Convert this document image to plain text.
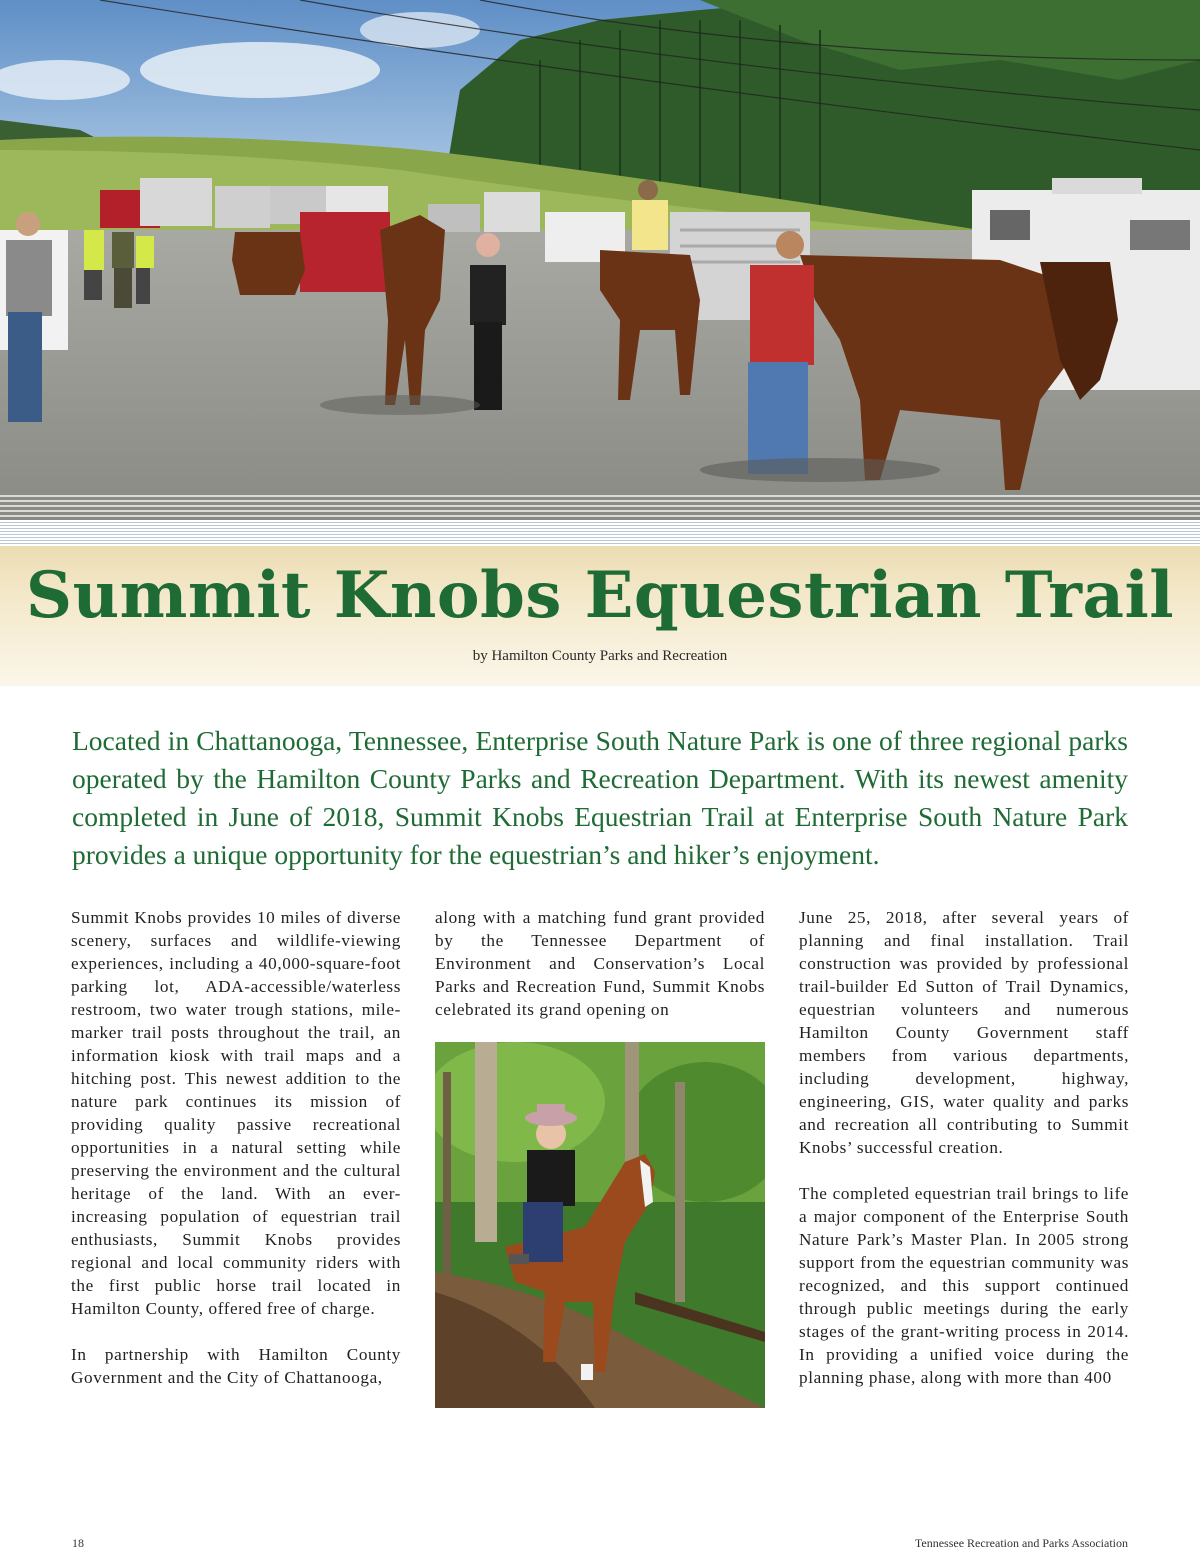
Summit Knobs Equestrian Trail
by Hamilton County Parks and Recreation

Located in Chattanooga, Tennessee, Enterprise South Nature Park is one of three regional parks operated by the Hamilton County Parks and Recreation Department. With its newest amenity completed in June of 2018, Summit Knobs Equestrian Trail at Enterprise South Nature Park provides a unique opportunity for the equestrian’s and hiker’s enjoyment.

Summit Knobs provides 10 miles of diverse scenery, surfaces and wildlife-viewing experiences, including a 40,000-square-foot parking lot, ADA-accessible/waterless restroom, two water trough stations, mile-marker trail posts throughout the trail, an information kiosk with trail maps and a hitching post. This newest addition to the nature park continues its mission of providing quality passive recreational opportunities in a natural setting while preserving the environment and the cultural heritage of the land. With an ever-increasing population of equestrian trail enthusiasts, Summit Knobs provides regional and local community riders with the first public horse trail located in Hamilton County, offered free of charge.

In partnership with Hamilton County Government and the City of Chattanooga,

along with a matching fund grant provided by the Tennessee Department of Environment and Conservation’s Local Parks and Recreation Fund, Summit Knobs celebrated its grand opening on

June 25, 2018, after several years of planning and final installation. Trail construction was provided by professional trail-builder Ed Sutton of Trail Dynamics, equestrian volunteers and numerous Hamilton County Government staff members from various departments, including development, highway, engineering, GIS, water quality and parks and recreation all contributing to Summit Knobs’ successful creation.

The completed equestrian trail brings to life a major component of the Enterprise South Nature Park’s Master Plan. In 2005 strong support from the equestrian community was recognized, and this support continued through public meetings during the early stages of the grant-writing process in 2014. In providing a unified voice during the planning phase, along with more than 400

18	Tennessee Recreation and Parks Association
